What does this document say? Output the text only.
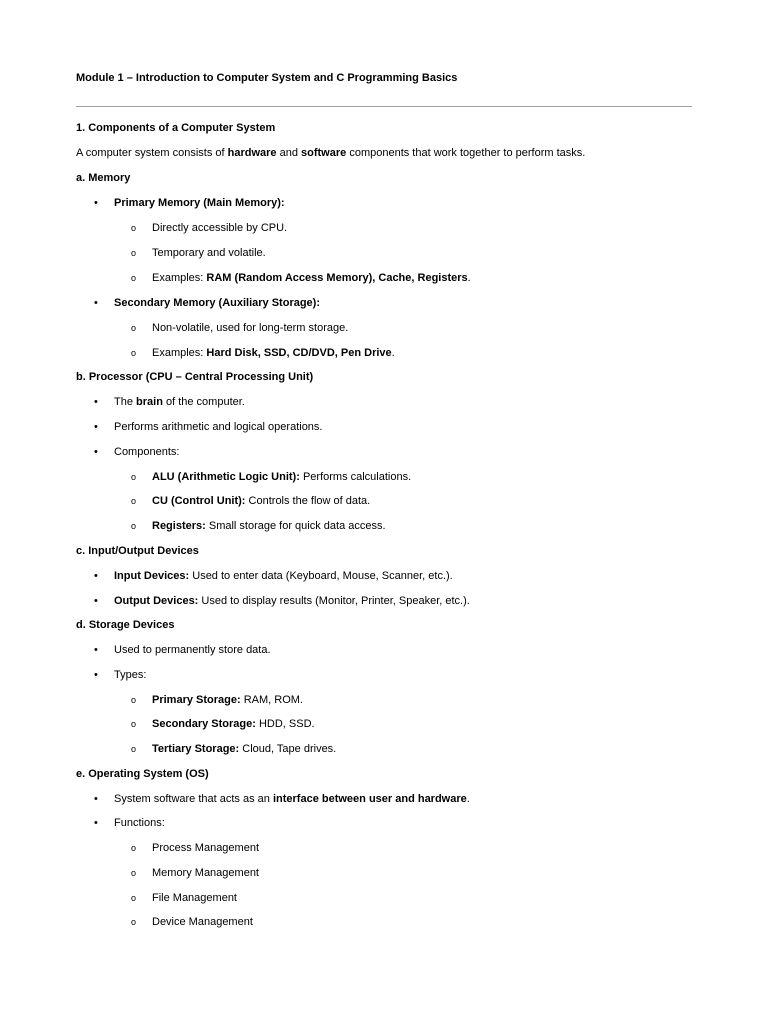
Module 1 – Introduction to Computer System and C Programming Basics
1. Components of a Computer System
A computer system consists of hardware and software components that work together to perform tasks.
a. Memory
• Primary Memory (Main Memory):
o Directly accessible by CPU.
o Temporary and volatile.
o Examples: RAM (Random Access Memory), Cache, Registers.
• Secondary Memory (Auxiliary Storage):
o Non-volatile, used for long-term storage.
o Examples: Hard Disk, SSD, CD/DVD, Pen Drive.
b. Processor (CPU – Central Processing Unit)
• The brain of the computer.
• Performs arithmetic and logical operations.
• Components:
o ALU (Arithmetic Logic Unit): Performs calculations.
o CU (Control Unit): Controls the flow of data.
o Registers: Small storage for quick data access.
c. Input/Output Devices
• Input Devices: Used to enter data (Keyboard, Mouse, Scanner, etc.).
• Output Devices: Used to display results (Monitor, Printer, Speaker, etc.).
d. Storage Devices
• Used to permanently store data.
• Types:
o Primary Storage: RAM, ROM.
o Secondary Storage: HDD, SSD.
o Tertiary Storage: Cloud, Tape drives.
e. Operating System (OS)
• System software that acts as an interface between user and hardware.
• Functions:
o Process Management
o Memory Management
o File Management
o Device Management
